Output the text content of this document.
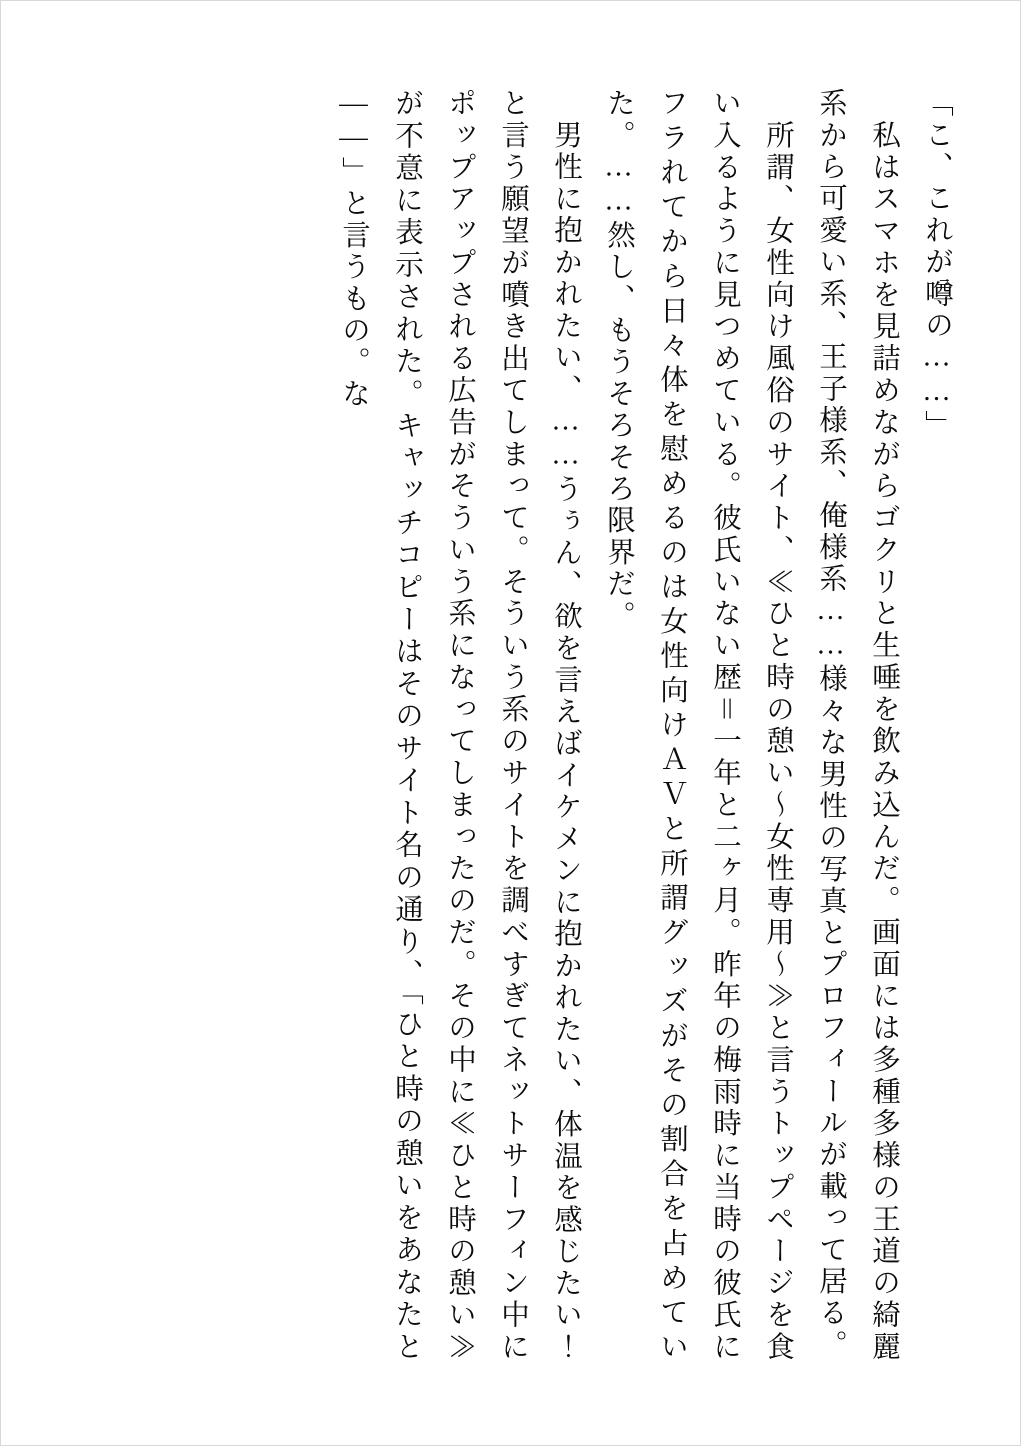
「こ、これが噂の……」
　私はスマホを見詰めながらゴクリと生唾を飲み込んだ。画面には多種多様の王道の綺麗系から可愛い系、王子様系、俺様系……様々な男性の写真とプロフィールが載って居る。
　所謂、女性向け風俗のサイト、≪ひと時の憩い～女性専用～≫と言うトップページを食い入るように見つめている。彼氏いない歴＝一年と二ヶ月。昨年の梅雨時に当時の彼氏にフラれてから日々体を慰めるのは女性向けＡＶと所謂グッズがその割合を占めていた。……然し、もうそろそろ限界だ。
　男性に抱かれたい、……うぅん、欲を言えばイケメンに抱かれたい、体温を感じたい！　と言う願望が噴き出てしまって。そういう系のサイトを調べすぎてネットサーフィン中にポップアップされる広告がそういう系になってしまったのだ。その中に≪ひと時の憩い≫が不意に表示された。キャッチコピーはそのサイト名の通り、「ひと時の憩いをあなたと――」と言うもの。な
